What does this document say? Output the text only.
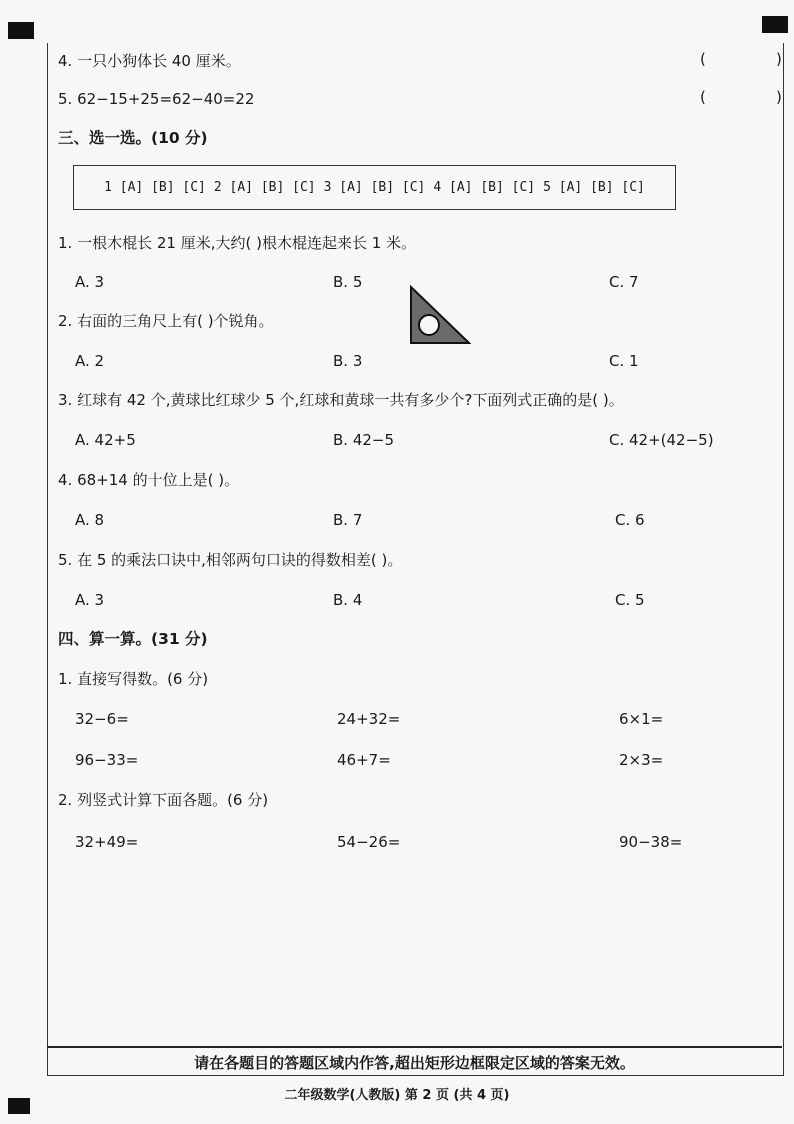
4. 一只小狗体长 40 厘米。	(	)
5. 62−15+25=62−40=22	(	)
三、选一选。(10 分)
1 [A] [B] [C] 2 [A] [B] [C] 3 [A] [B] [C] 4 [A] [B] [C] 5 [A] [B] [C]
1. 一根木棍长 21 厘米,大约( )根木棍连起来长 1 米。
A. 3	B. 5	C. 7
2. 右面的三角尺上有( )个锐角。
A. 2	B. 3	C. 1
3. 红球有 42 个,黄球比红球少 5 个,红球和黄球一共有多少个?下面列式正确的是( )。
A. 42+5	B. 42−5	C. 42+(42−5)
4. 68+14 的十位上是( )。
A. 8	B. 7	C. 6
5. 在 5 的乘法口诀中,相邻两句口诀的得数相差( )。
A. 3	B. 4	C. 5
四、算一算。(31 分)
1. 直接写得数。(6 分)
32−6=	24+32=	6×1=
96−33=	46+7=	2×3=
2. 列竖式计算下面各题。(6 分)
32+49=	54−26=	90−38=
请在各题目的答题区域内作答,超出矩形边框限定区域的答案无效。
二年级数学(人教版) 第 2 页 (共 4 页)
